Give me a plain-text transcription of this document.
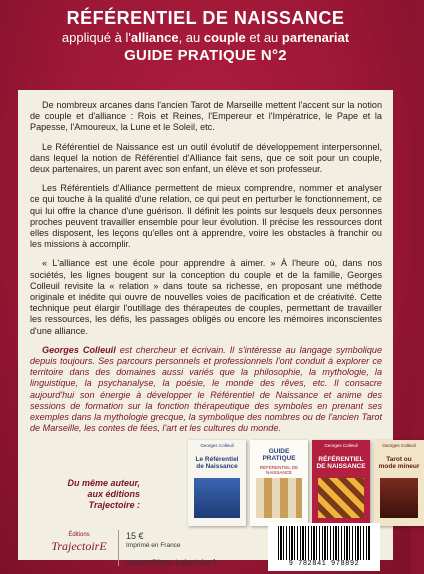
RÉFÉRENTIEL DE NAISSANCE
appliqué à l'alliance, au couple et au partenariat
GUIDE PRATIQUE N°2

De nombreux arcanes dans l'ancien Tarot de Marseille mettent l'accent sur la notion de couple et d'alliance : Rois et Reines, l'Empereur et l'Impératrice, le Pape et la Papesse, l'Amoureux, la Lune et le Soleil, etc.

Le Référentiel de Naissance est un outil évolutif de développement interpersonnel, dans lequel la notion de Référentiel d'Alliance fait sens, que ce soit pour un couple, deux partenaires, un parent avec son enfant, un élève et son professeur.

Les Référentiels d'Alliance permettent de mieux comprendre, nommer et analyser ce qui touche à la qualité d'une relation, ce qui peut en perturber le fonctionnement, ce qui lui offre la chance d'une guérison. Il définit les points sur lesquels deux personnes proches peuvent travailler ensemble pour leur évolution. Il précise les ressources dont elles disposent, les leçons qu'elles ont à apprendre, voire les obstacles à franchir ou les missions à accomplir.

« L'alliance est une école pour apprendre à aimer. » À l'heure où, dans nos sociétés, les lignes bougent sur la conception du couple et de la famille, Georges Colleuil revisite la « relation » dans toute sa richesse, en proposant une méthode originale et inédite qui ouvre de nouvelles voies de pacification et de créativité. Cette technique peut élargir l'outillage des thérapeutes de couples, permettant de travailler les ressources, les défis, les passages obligés ou encore les mémoires inconscientes d'une alliance.

Georges Colleuil est chercheur et écrivain. Il s'intéresse au langage symbolique depuis toujours. Ses parcours personnels et professionnels l'ont conduit à explorer ce territoire dans des domaines aussi variés que la philosophie, la mythologie, la linguistique, la psychanalyse, la poésie, le monde des rêves, etc. Il consacre aujourd'hui son énergie à développer le Référentiel de Naissance et anime des sessions de formation sur la fonction thérapeutique des symboles en prenant ses exemples dans la mythologie grecque, la symbolique des nombres ou de l'ancien Tarot de Marseille, les contes de fées, l'art et les cultures du monde.

Du même auteur,
aux éditions Trajectoire :
Georges Colleuil
Le Référentiel de Naissance
GUIDE PRATIQUE
RÉFÉRENTIEL DE NAISSANCE
Georges Colleuil
RÉFÉRENTIEL DE NAISSANCE
Georges Colleuil
Tarot ou mode mineur
Éditions
TrajectoirE
15 €
Imprimé en France
www.editions-trajectoire.fr	9 782841 978892
